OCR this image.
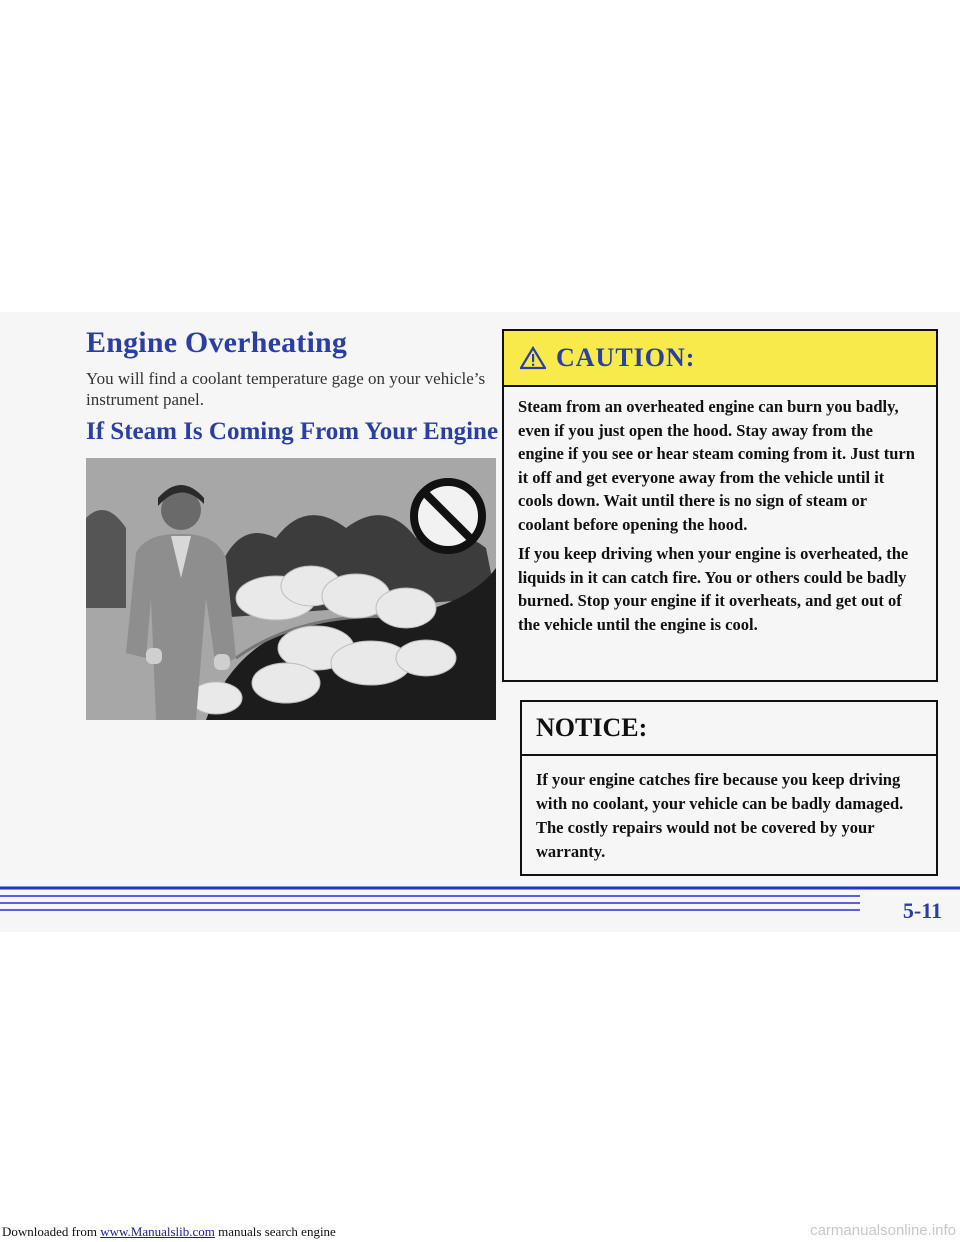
Engine Overheating

You will find a coolant temperature gage on your vehicle’s instrument panel.

If Steam Is Coming From Your Engine
CAUTION:

Steam from an overheated engine can burn you badly, even if you just open the hood. Stay away from the engine if you see or hear steam coming from it. Just turn it off and get everyone away from the vehicle until it cools down. Wait until there is no sign of steam or coolant before opening the hood.

If you keep driving when your engine is overheated, the liquids in it can catch fire. You or others could be badly burned. Stop your engine if it overheats, and get out of the vehicle until the engine is cool.

NOTICE:

If your engine catches fire because you keep driving with no coolant, your vehicle can be badly damaged. The costly repairs would not be covered by your warranty.

5-11

Downloaded from www.Manualslib.com manuals search engine	carmanualsonline.info
